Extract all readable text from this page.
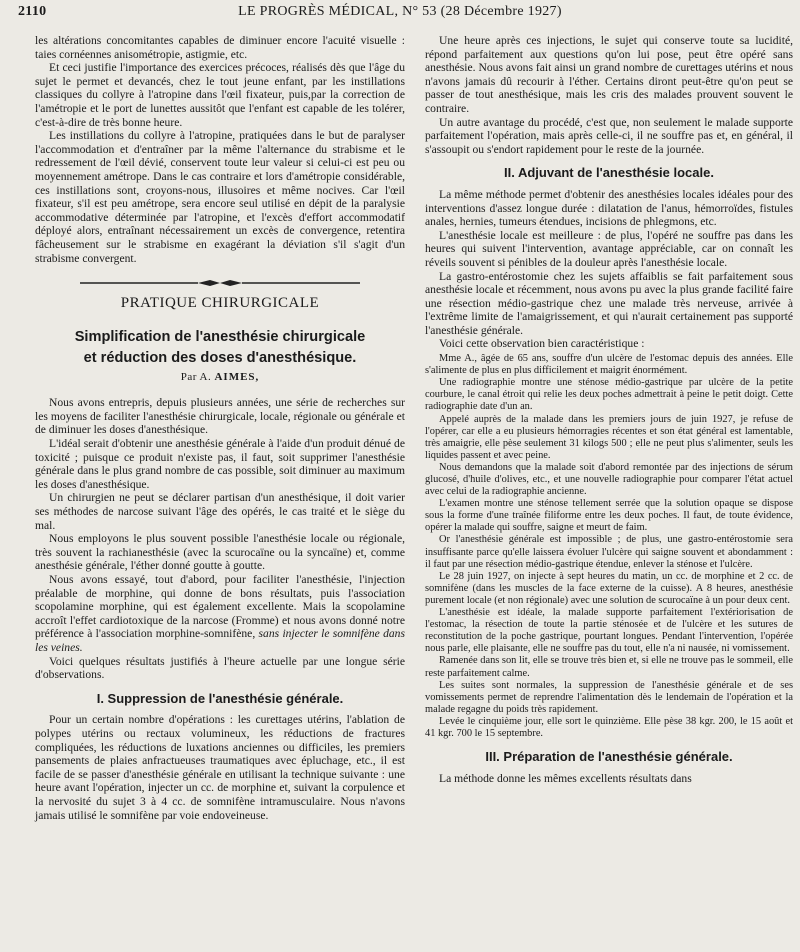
2110	LE PROGRÈS MÉDICAL, N° 53 (28 Décembre 1927)

les altérations concomitantes capables de diminuer encore l'acuité visuelle : taies cornéennes anisométropie, astigmie, etc.

Et ceci justifie l'importance des exercices précoces, réalisés dès que l'âge du sujet le permet et devancés, chez le tout jeune enfant, par les instillations classiques du collyre à l'atropine dans l'œil fixateur, puis,par la correction de l'amétropie et le port de lunettes aussitôt que l'enfant est capable de les tolérer, c'est-à-dire de très bonne heure.

Les instillations du collyre à l'atropine, pratiquées dans le but de paralyser l'accommodation et d'entraîner par la même l'alternance du strabisme et le redressement de l'œil dévié, conservent toute leur valeur si celui-ci est peu ou moyennement amétrope. Dans le cas contraire et lors d'amétropie considérable, ces instillations sont, croyons-nous, illusoires et même nocives. Car l'œil fixateur, s'il est peu amétrope, sera encore seul utilisé en dépit de la paralysie accommodative déterminée par l'atropine, et l'excès d'effort accommodatif déployé alors, entraînant nécessairement un excès de convergence, retentira fâcheusement sur le strabisme en exagérant la déviation s'il s'agit d'un strabisme convergent.

PRATIQUE CHIRURGICALE
Simplification de l'anesthésie chirurgicale
et réduction des doses d'anesthésique.
Par A. AIMES,

Nous avons entrepris, depuis plusieurs années, une série de recherches sur les moyens de faciliter l'anesthésie chirurgicale, locale, régionale ou générale et de diminuer les doses d'anesthésique.

L'idéal serait d'obtenir une anesthésie générale à l'aide d'un produit dénué de toxicité ; puisque ce produit n'existe pas, il faut, soit supprimer l'anesthésie générale dans le plus grand nombre de cas possible, soit diminuer au maximum les doses d'anesthésique.

Un chirurgien ne peut se déclarer partisan d'un anesthésique, il doit varier ses méthodes de narcose suivant l'âge des opérés, le cas traité et le siège du mal.

Nous employons le plus souvent possible l'anesthésie locale ou régionale, très souvent la rachianesthésie (avec la scurocaïne ou la syncaïne) et, comme anesthésie générale, l'éther donné goutte à goutte.

Nous avons essayé, tout d'abord, pour faciliter l'anesthésie, l'injection préalable de morphine, qui donne de bons résultats, puis l'association scopolamine morphine, qui est également excellente. Mais la scopolamine accroît l'effet cardiotoxique de la narcose (Fromme) et nous avons donné notre préférence à l'association morphine-somnifène, sans injecter le somnifène dans les veines.

Voici quelques résultats justifiés à l'heure actuelle par une longue série d'observations.

I. Suppression de l'anesthésie générale.

Pour un certain nombre d'opérations : les curettages utérins, l'ablation de polypes utérins ou rectaux volumineux, les réductions de fractures compliquées, les réductions de luxations anciennes ou difficiles, les premiers pansements de plaies anfractueuses traumatiques avec épluchage, etc., il est facile de se passer d'anesthésie générale en utilisant la technique suivante : une heure avant l'opération, injecter un cc. de morphine et, suivant la corpulence et la nervosité du sujet 3 à 4 cc. de somnifène intramusculaire. Nous n'avons jamais utilisé le somnifène par voie endoveineuse.

Une heure après ces injections, le sujet qui conserve toute sa lucidité, répond parfaitement aux questions qu'on lui pose, peut être opéré sans anesthésie. Nous avons fait ainsi un grand nombre de curettages utérins et nous n'avons jamais dû recourir à l'éther. Certains diront peut-être qu'on peut se passer de tout anesthésique, mais les cris des malades prouvent souvent le contraire.

Un autre avantage du procédé, c'est que, non seulement le malade supporte parfaitement l'opération, mais après celle-ci, il ne souffre pas et, en général, il s'assoupit ou s'endort rapidement pour le reste de la journée.

II. Adjuvant de l'anesthésie locale.

La même méthode permet d'obtenir des anesthésies locales idéales pour des interventions d'assez longue durée : dilatation de l'anus, hémorroïdes, fistules anales, hernies, tumeurs étendues, incisions de phlegmons, etc.

L'anesthésie locale est meilleure : de plus, l'opéré ne souffre pas dans les heures qui suivent l'intervention, avantage appréciable, car on connaît les réveils souvent si pénibles de la douleur après l'anesthésie locale.

La gastro-entérostomie chez les sujets affaiblis se fait parfaitement sous anesthésie locale et récemment, nous avons pu avec la plus grande facilité faire une résection médio-gastrique chez une malade très nerveuse, arrivée à l'extrême limite de l'amaigrissement, et qui n'aurait certainement pas supporté l'anesthésie générale.

Voici cette observation bien caractéristique :

Mme A., âgée de 65 ans, souffre d'un ulcère de l'estomac depuis des années. Elle s'alimente de plus en plus difficilement et maigrit énormément.

Une radiographie montre une sténose médio-gastrique par ulcère de la petite courbure, le canal étroit qui relie les deux poches admettrait à peine le petit doigt. Cette radiographie date d'un an.

Appelé auprès de la malade dans les premiers jours de juin 1927, je refuse de l'opérer, car elle a eu plusieurs hémorragies récentes et son état général est lamentable, très amaigrie, elle pèse seulement 31 kilogs 500 ; elle ne peut plus s'alimenter, seuls les liquides passent et avec peine.

Nous demandons que la malade soit d'abord remontée par des injections de sérum glucosé, d'huile d'olives, etc., et une nouvelle radiographie pour comparer l'état actuel avec celui de la radiographie ancienne.

L'examen montre une sténose tellement serrée que la solution opaque se dispose sous la forme d'une traînée filiforme entre les deux poches. Il faut, de toute évidence, opérer la malade qui souffre, saigne et meurt de faim.

Or l'anesthésie générale est impossible ; de plus, une gastro-entérostomie sera insuffisante parce qu'elle laissera évoluer l'ulcère qui saigne souvent et abondamment : il faut par une résection médio-gastrique étendue, enlever la sténose et l'ulcère.

Le 28 juin 1927, on injecte à sept heures du matin, un cc. de morphine et 2 cc. de somnifène (dans les muscles de la face externe de la cuisse). A 8 heures, anesthésie purement locale (et non régionale) avec une solution de scurocaïne à un pour deux cent.

L'anesthésie est idéale, la malade supporte parfaitement l'extériorisation de l'estomac, la résection de toute la partie sténosée et de l'ulcère et les sutures de reconstitution de la poche gastrique, pourtant longues. Pendant l'intervention, l'opérée nous parle, elle plaisante, elle ne souffre pas du tout, elle n'a ni nausée, ni vomissement.

Ramenée dans son lit, elle se trouve très bien et, si elle ne trouve pas le sommeil, elle reste parfaitement calme.

Les suites sont normales, la suppression de l'anesthésie générale et de ses vomissements permet de reprendre l'alimentation dès le lendemain de l'opération et la malade regagne du poids très rapidement.

Levée le cinquième jour, elle sort le quinzième. Elle pèse 38 kgr. 200, le 15 août et 41 kgr. 700 le 15 septembre.

III. Préparation de l'anesthésie générale.

La méthode donne les mêmes excellents résultats dans
